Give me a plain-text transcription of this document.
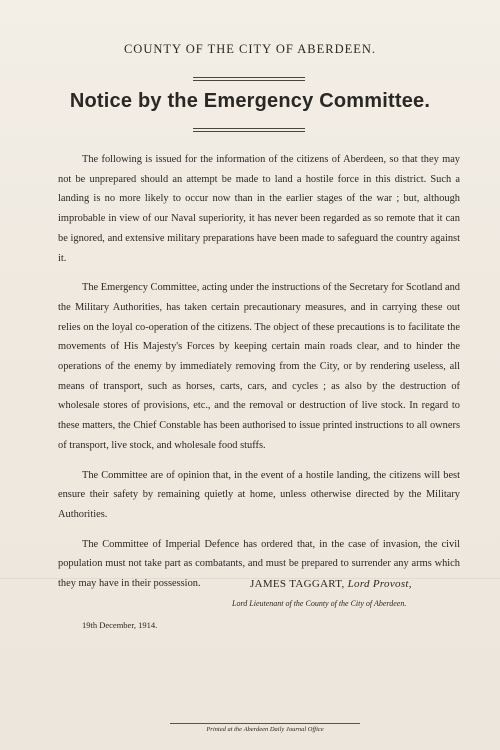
COUNTY OF THE CITY OF ABERDEEN.
Notice by the Emergency Committee.

The following is issued for the information of the citizens of Aberdeen, so that they may not be unprepared should an attempt be made to land a hostile force in this district. Such a landing is no more likely to occur now than in the earlier stages of the war ; but, although improbable in view of our Naval superiority, it has never been regarded as so remote that it can be ignored, and extensive military preparations have been made to safeguard the country against it.

The Emergency Committee, acting under the instructions of the Secretary for Scotland and the Military Authorities, has taken certain precautionary measures, and in carrying these out relies on the loyal co-operation of the citizens. The object of these precautions is to facilitate the movements of His Majesty's Forces by keeping certain main roads clear, and to hinder the operations of the enemy by immediately removing from the City, or by rendering useless, all means of transport, such as horses, carts, cars, and cycles ; as also by the destruction of wholesale stores of provisions, etc., and the removal or destruction of live stock. In regard to these matters, the Chief Constable has been authorised to issue printed instructions to all owners of transport, live stock, and wholesale food stuffs.

The Committee are of opinion that, in the event of a hostile landing, the citizens will best ensure their safety by remaining quietly at home, unless otherwise directed by the Military Authorities.

The Committee of Imperial Defence has ordered that, in the case of invasion, the civil population must not take part as combatants, and must be prepared to surrender any arms which they may have in their possession.	JAMES TAGGART, Lord Provost,
Lord Lieutenant of the County of the City of Aberdeen.
19th December, 1914.
Printed at the Aberdeen Daily Journal Office
